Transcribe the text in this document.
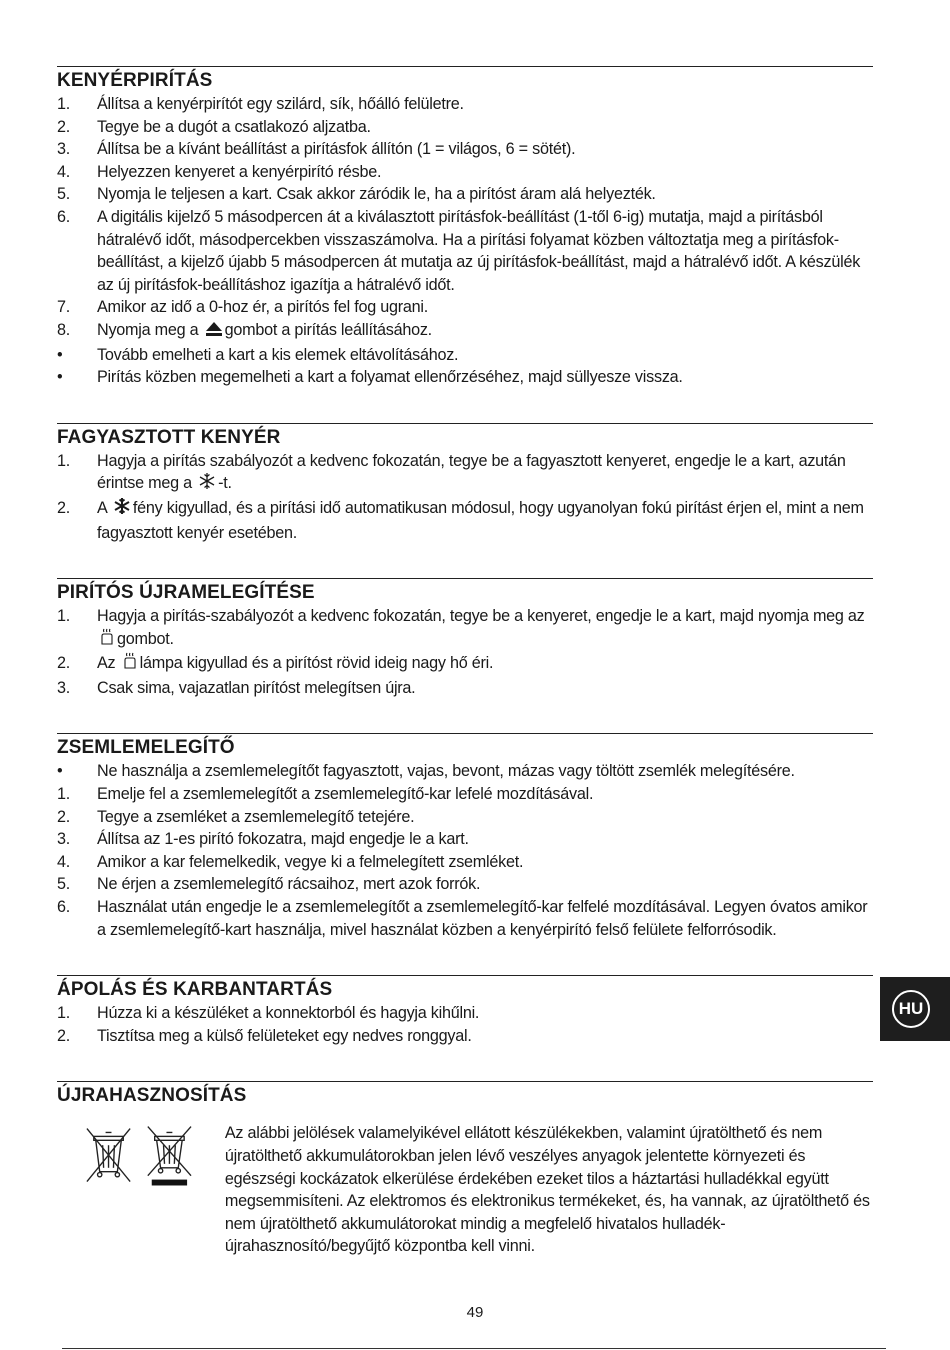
KENYÉRPIRÍTÁS
1. Állítsa a kenyérpirítót egy szilárd, sík, hőálló felületre.
2. Tegye be a dugót a csatlakozó aljzatba.
3. Állítsa be a kívánt beállítást a pirításfok állítón (1 = világos, 6 = sötét).
4. Helyezzen kenyeret a kenyérpirító résbe.
5. Nyomja le teljesen a kart. Csak akkor záródik le, ha a pirítóst áram alá helyezték.
6. A digitális kijelző 5 másodpercen át a kiválasztott pirításfok-beállítást (1-től 6-ig) mutatja, majd a pirításból hátralévő időt, másodpercekben visszaszámolva. Ha a pirítási folyamat közben változtatja meg a pirításfok-beállítást, a kijelző újabb 5 másodpercen át mutatja az új pirításfok-beállítást, majd a hátralévő időt. A készülék az új pirításfok-beállításhoz igazítja a hátralévő időt.
7. Amikor az idő a 0-hoz ér, a pirítós fel fog ugrani.
8. Nyomja meg a gombot a pirítás leállításához.
• Tovább emelheti a kart a kis elemek eltávolításához.
• Pirítás közben megemelheti a kart a folyamat ellenőrzéséhez, majd süllyesze vissza.
FAGYASZTOTT KENYÉR
1. Hagyja a pirítás szabályozót a kedvenc fokozatán, tegye be a fagyasztott kenyeret, engedje le a kart, azután érintse meg a -t.
2. A fény kigyullad, és a pirítási idő automatikusan módosul, hogy ugyanolyan fokú pirítást érjen el, mint a nem fagyasztott kenyér esetében.
PIRÍTÓS ÚJRAMELEGÍTÉSE
1. Hagyja a pirítás-szabályozót a kedvenc fokozatán, tegye be a kenyeret, engedje le a kart, majd nyomja meg az gombot.
2. Az lámpa kigyullad és a pirítóst rövid ideig nagy hő éri.
3. Csak sima, vajazatlan pirítóst melegítsen újra.
ZSEMLEMELEGÍTŐ
• Ne használja a zsemlemelegítőt fagyasztott, vajas, bevont, mázas vagy töltött zsemlék melegítésére.
1. Emelje fel a zsemlemelegítőt a zsemlemelegítő-kar lefelé mozdításával.
2. Tegye a zsemléket a zsemlemelegítő tetejére.
3. Állítsa az 1-es pirító fokozatra, majd engedje le a kart.
4. Amikor a kar felemelkedik, vegye ki a felmelegített zsemléket.
5. Ne érjen a zsemlemelegítő rácsaihoz, mert azok forrók.
6. Használat után engedje le a zsemlemelegítőt a zsemlemelegítő-kar felfelé mozdításával. Legyen óvatos amikor a zsemlemelegítő-kart használja, mivel használat közben a kenyérpirító felső felülete felforrósodik.
ÁPOLÁS ÉS KARBANTARTÁS
1. Húzza ki a készüléket a konnektorból és hagyja kihűlni.
2. Tisztítsa meg a külső felületeket egy nedves ronggyal.
ÚJRAHASZNOSÍTÁS
Az alábbi jelölések valamelyikével ellátott készülékekben, valamint újratölthető és nem újratölthető akkumulátorokban jelen lévő veszélyes anyagok jelentette környezeti és egészségi kockázatok elkerülése érdekében ezeket tilos a háztartási hulladékkal együtt megsemmisíteni. Az elektromos és elektronikus termékeket, és, ha vannak, az újratölthető és nem újratölthető akkumulátorokat mindig a megfelelő hivatalos hulladék-újrahasznosító/begyűjtő központba kell vinni.
HU
49
